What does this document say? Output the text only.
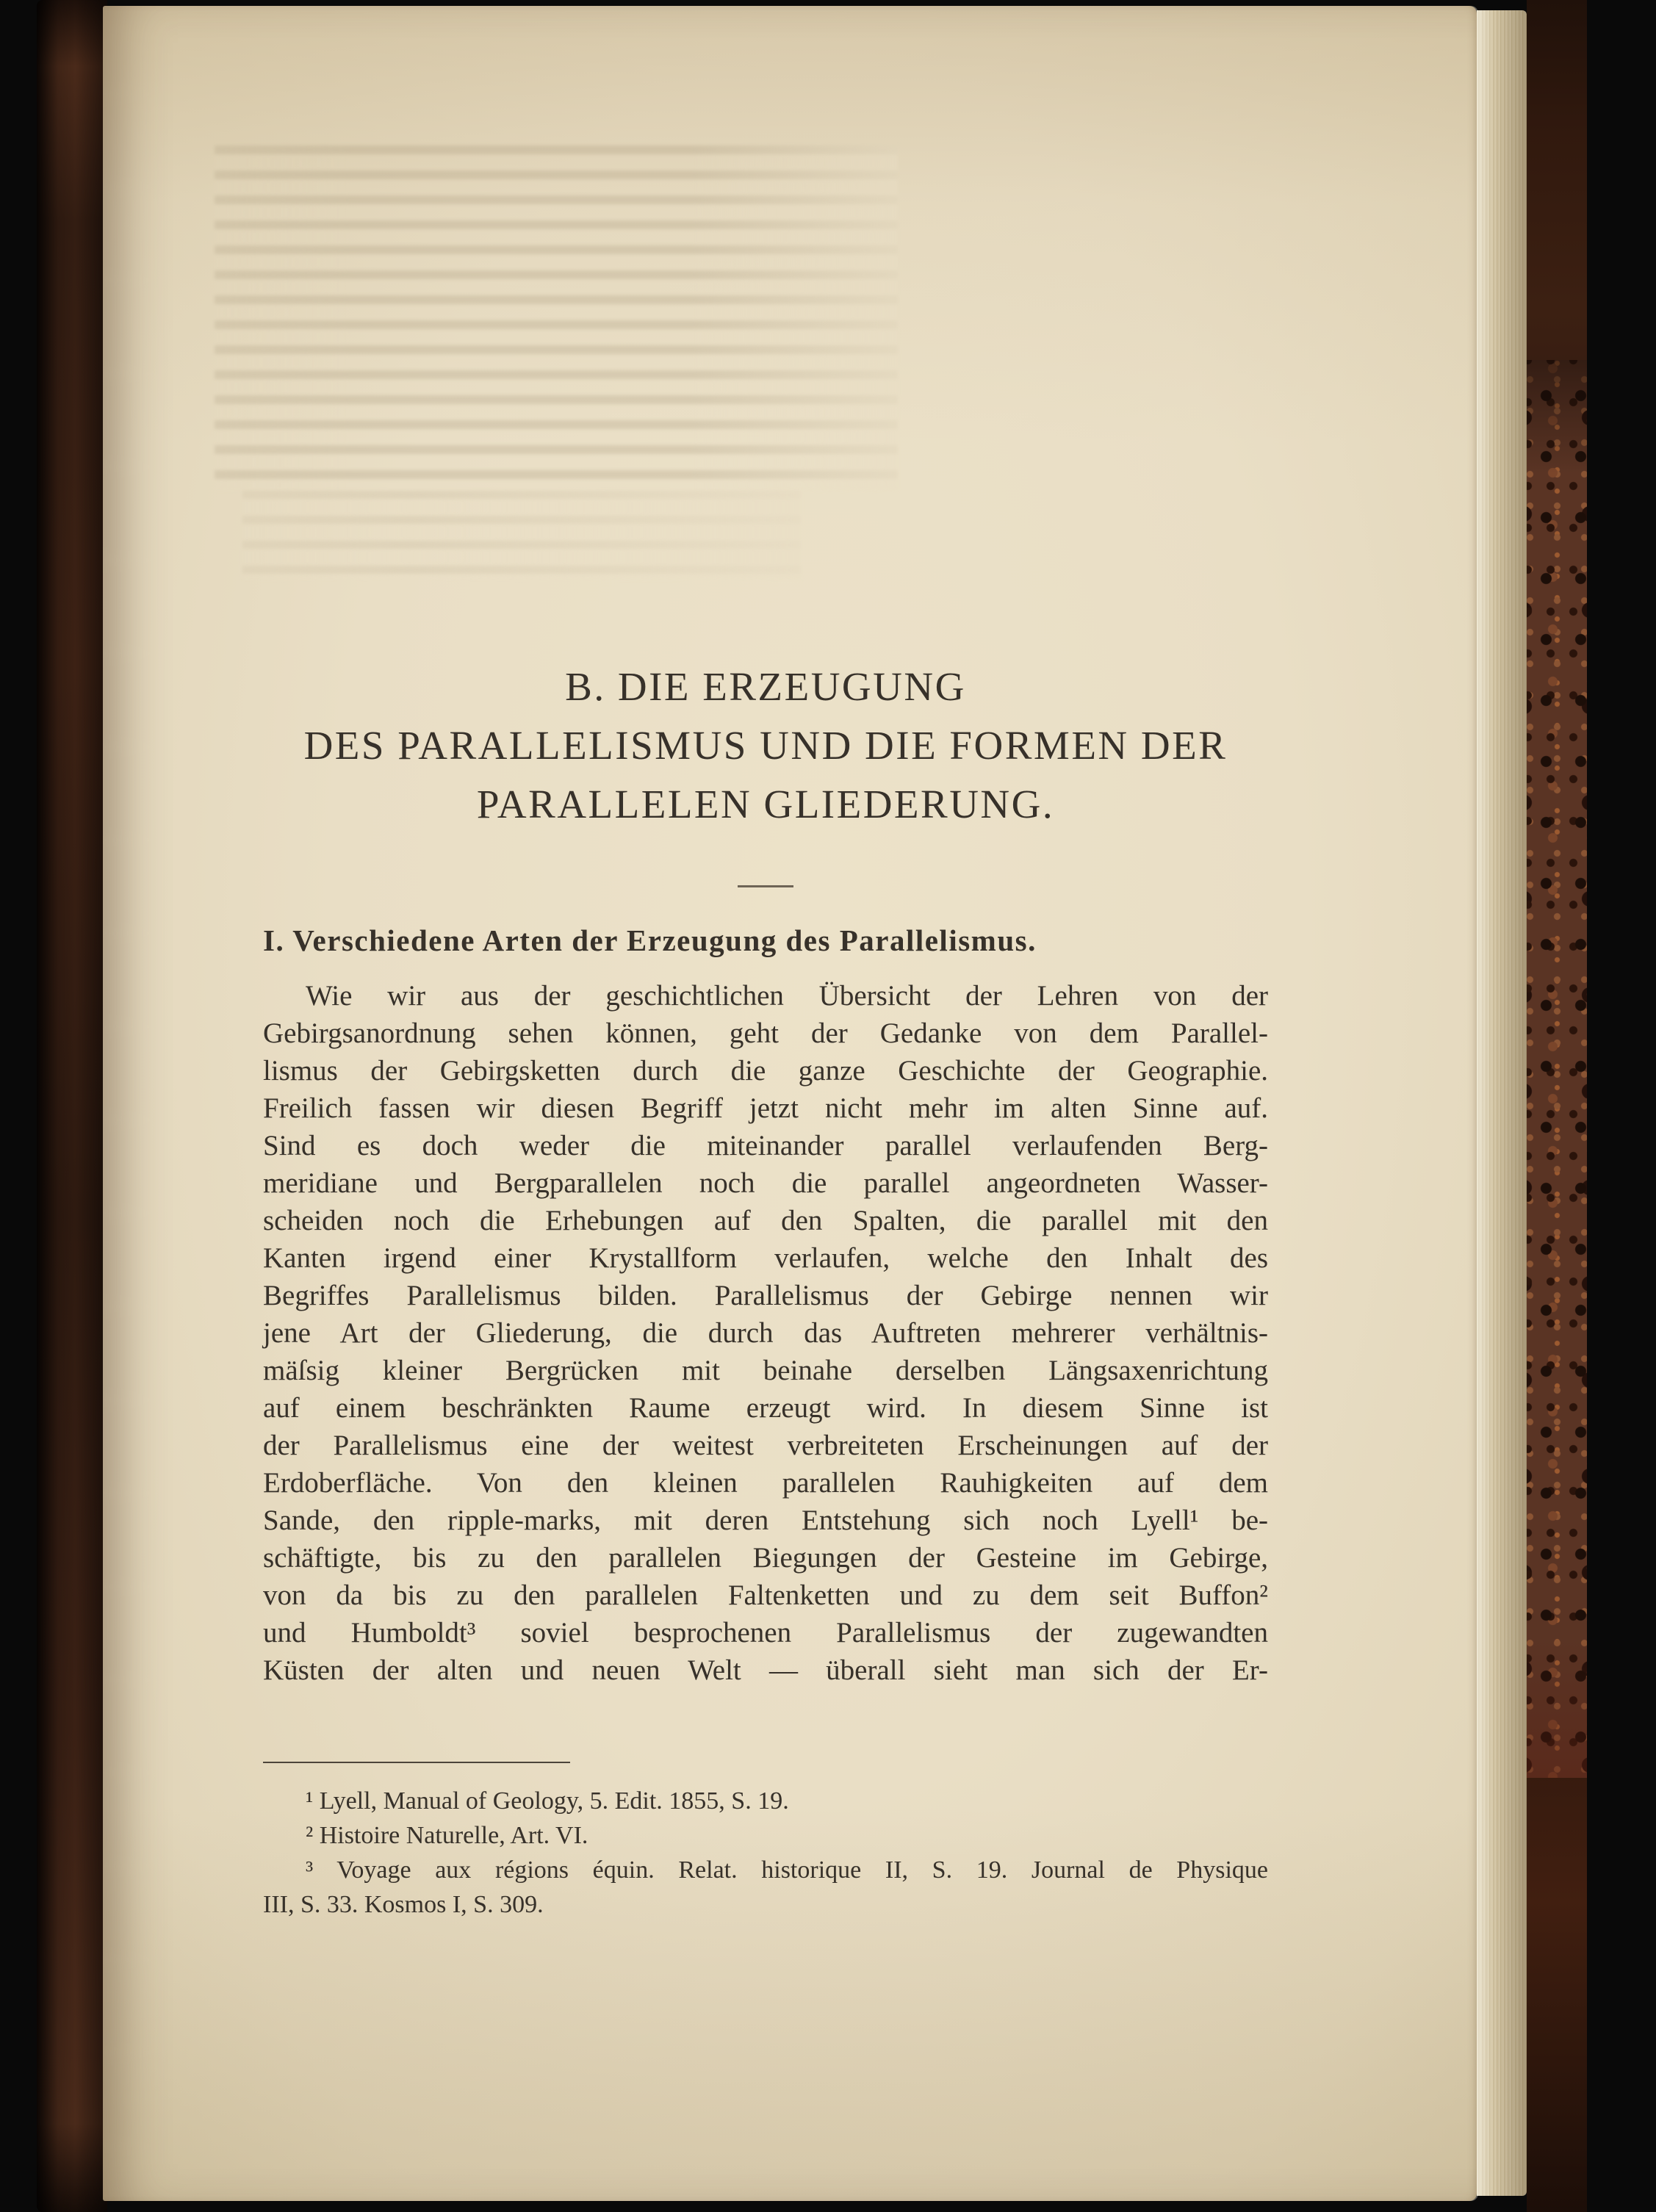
B. DIE ERZEUGUNG
DES PARALLELISMUS UND DIE FORMEN DER
PARALLELEN GLIEDERUNG.
I. Verschiedene Arten der Erzeugung des Parallelismus.
Wie wir aus der geschichtlichen Übersicht der Lehren von der
Gebirgsanordnung sehen können, geht der Gedanke von dem Parallel-
lismus der Gebirgsketten durch die ganze Geschichte der Geographie.
Freilich fassen wir diesen Begriff jetzt nicht mehr im alten Sinne auf.
Sind es doch weder die miteinander parallel verlaufenden Berg-
meridiane und Bergparallelen noch die parallel angeordneten Wasser-
scheiden noch die Erhebungen auf den Spalten, die parallel mit den
Kanten irgend einer Krystallform verlaufen, welche den Inhalt des
Begriffes Parallelismus bilden. Parallelismus der Gebirge nennen wir
jene Art der Gliederung, die durch das Auftreten mehrerer verhältnis-
mäſsig kleiner Bergrücken mit beinahe derselben Längsaxenrichtung
auf einem beschränkten Raume erzeugt wird. In diesem Sinne ist
der Parallelismus eine der weitest verbreiteten Erscheinungen auf der
Erdoberfläche. Von den kleinen parallelen Rauhigkeiten auf dem
Sande, den ripple-marks, mit deren Entstehung sich noch Lyell¹ be-
schäftigte, bis zu den parallelen Biegungen der Gesteine im Gebirge,
von da bis zu den parallelen Faltenketten und zu dem seit Buffon²
und Humboldt³ soviel besprochenen Parallelismus der zugewandten
Küsten der alten und neuen Welt — überall sieht man sich der Er-
¹ Lyell, Manual of Geology, 5. Edit. 1855, S. 19.
² Histoire Naturelle, Art. VI.
³ Voyage aux régions équin. Relat. historique II, S. 19. Journal de Physique
III, S. 33. Kosmos I, S. 309.
